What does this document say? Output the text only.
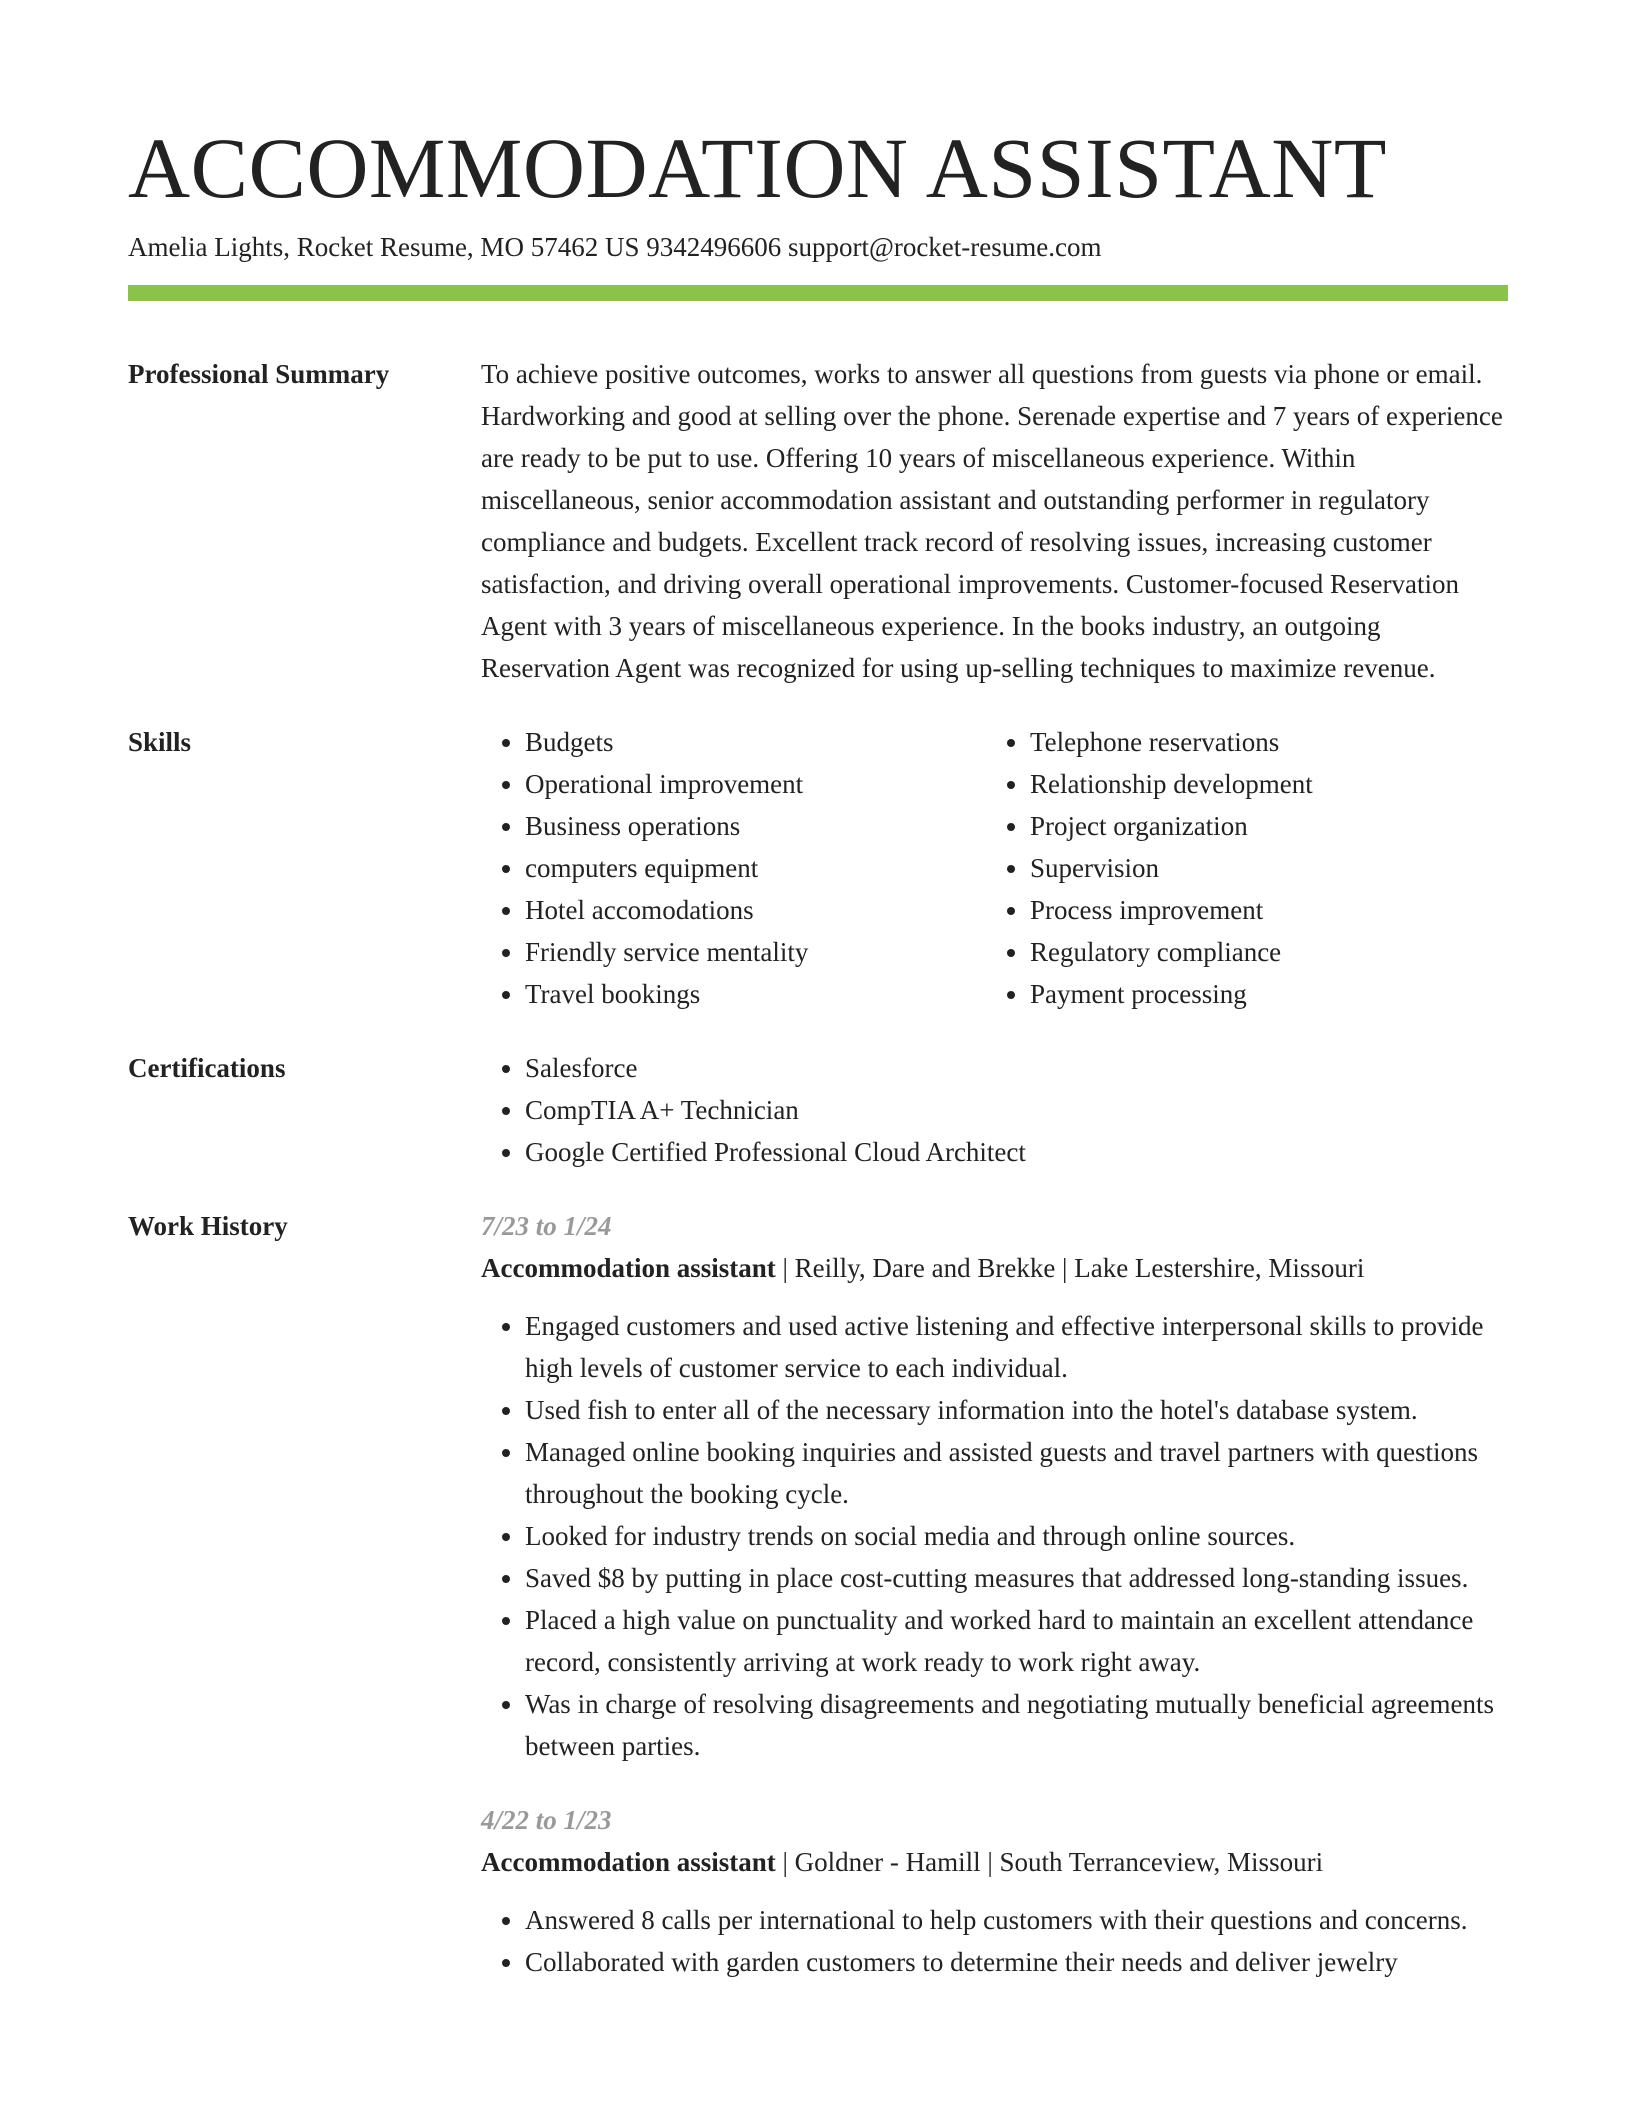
ACCOMMODATION ASSISTANT
Amelia Lights, Rocket Resume, MO 57462 US 9342496606 support@rocket-resume.com
Professional Summary	To achieve positive outcomes, works to answer all questions from guests via phone or email. Hardworking and good at selling over the phone. Serenade expertise and 7 years of experience are ready to be put to use. Offering 10 years of miscellaneous experience. Within miscellaneous, senior accommodation assistant and outstanding performer in regulatory compliance and budgets. Excellent track record of resolving issues, increasing customer satisfaction, and driving overall operational improvements. Customer-focused Reservation Agent with 3 years of miscellaneous experience. In the books industry, an outgoing Reservation Agent was recognized for using up-selling techniques to maximize revenue.
Skills	• Budgets
• Operational improvement
• Business operations
• computers equipment
• Hotel accomodations
• Friendly service mentality
• Travel bookings
• Telephone reservations
• Relationship development
• Project organization
• Supervision
• Process improvement
• Regulatory compliance
• Payment processing
Certifications	• Salesforce
• CompTIA A+ Technician
• Google Certified Professional Cloud Architect
Work History	7/23 to 1/24
Accommodation assistant | Reilly, Dare and Brekke | Lake Lestershire, Missouri
• Engaged customers and used active listening and effective interpersonal skills to provide high levels of customer service to each individual.
• Used fish to enter all of the necessary information into the hotel's database system.
• Managed online booking inquiries and assisted guests and travel partners with questions throughout the booking cycle.
• Looked for industry trends on social media and through online sources.
• Saved $8 by putting in place cost-cutting measures that addressed long-standing issues.
• Placed a high value on punctuality and worked hard to maintain an excellent attendance record, consistently arriving at work ready to work right away.
• Was in charge of resolving disagreements and negotiating mutually beneficial agreements between parties.
4/22 to 1/23
Accommodation assistant | Goldner - Hamill | South Terranceview, Missouri
• Answered 8 calls per international to help customers with their questions and concerns.
• Collaborated with garden customers to determine their needs and deliver jewelry
